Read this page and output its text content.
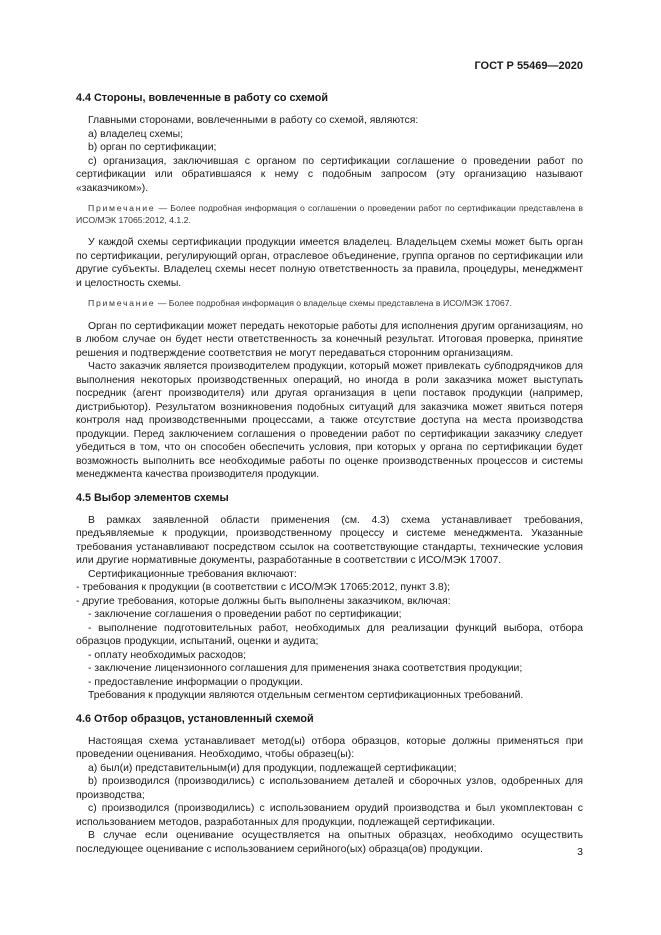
ГОСТ Р 55469—2020
4.4 Стороны, вовлеченные в работу со схемой

Главными сторонами, вовлеченными в работу со схемой, являются:

а) владелец схемы;

b) орган по сертификации;

с) организация, заключившая с органом по сертификации соглашение о проведении работ по сертификации или обратившаяся к нему с подобным запросом (эту организацию называют «заказчиком»).

Примечание — Более подробная информация о соглашении о проведении работ по сертификации представлена в ИСО/МЭК 17065:2012, 4.1.2.

У каждой схемы сертификации продукции имеется владелец. Владельцем схемы может быть орган по сертификации, регулирующий орган, отраслевое объединение, группа органов по сертификации или другие субъекты. Владелец схемы несет полную ответственность за правила, процедуры, менеджмент и целостность схемы.

Примечание — Более подробная информация о владельце схемы представлена в ИСО/МЭК 17067.

Орган по сертификации может передать некоторые работы для исполнения другим организациям, но в любом случае он будет нести ответственность за конечный результат. Итоговая проверка, принятие решения и подтверждение соответствия не могут передаваться сторонним организациям.

Часто заказчик является производителем продукции, который может привлекать субподрядчиков для выполнения некоторых производственных операций, но иногда в роли заказчика может выступать посредник (агент производителя) или другая организация в цепи поставок продукции (например, дистрибьютор). Результатом возникновения подобных ситуаций для заказчика может явиться потеря контроля над производственными процессами, а также отсутствие доступа на места производства продукции. Перед заключением соглашения о проведении работ по сертификации заказчику следует убедиться в том, что он способен обеспечить условия, при которых у органа по сертификации будет возможность выполнить все необходимые работы по оценке производственных процессов и системы менеджмента качества производителя продукции.

4.5 Выбор элементов схемы

В рамках заявленной области применения (см. 4.3) схема устанавливает требования, предъявляемые к продукции, производственному процессу и системе менеджмента. Указанные требования устанавливают посредством ссылок на соответствующие стандарты, технические условия или другие нормативные документы, разработанные в соответствии с ИСО/МЭК 17007.

Сертификационные требования включают:

- требования к продукции (в соответствии с ИСО/МЭК 17065:2012, пункт 3.8);

- другие требования, которые должны быть выполнены заказчиком, включая:

- заключение соглашения о проведении работ по сертификации;

- выполнение подготовительных работ, необходимых для реализации функций выбора, отбора образцов продукции, испытаний, оценки и аудита;

- оплату необходимых расходов;

- заключение лицензионного соглашения для применения знака соответствия продукции;

- предоставление информации о продукции.

Требования к продукции являются отдельным сегментом сертификационных требований.

4.6 Отбор образцов, установленный схемой

Настоящая схема устанавливает метод(ы) отбора образцов, которые должны применяться при проведении оценивания. Необходимо, чтобы образец(ы):

а) был(и) представительным(и) для продукции, подлежащей сертификации;

b) производился (производились) с использованием деталей и сборочных узлов, одобренных для производства;

с) производился (производились) с использованием орудий производства и был укомплектован с использованием методов, разработанных для продукции, подлежащей сертификации.

В случае если оценивание осуществляется на опытных образцах, необходимо осуществить последующее оценивание с использованием серийного(ых) образца(ов) продукции.	3
